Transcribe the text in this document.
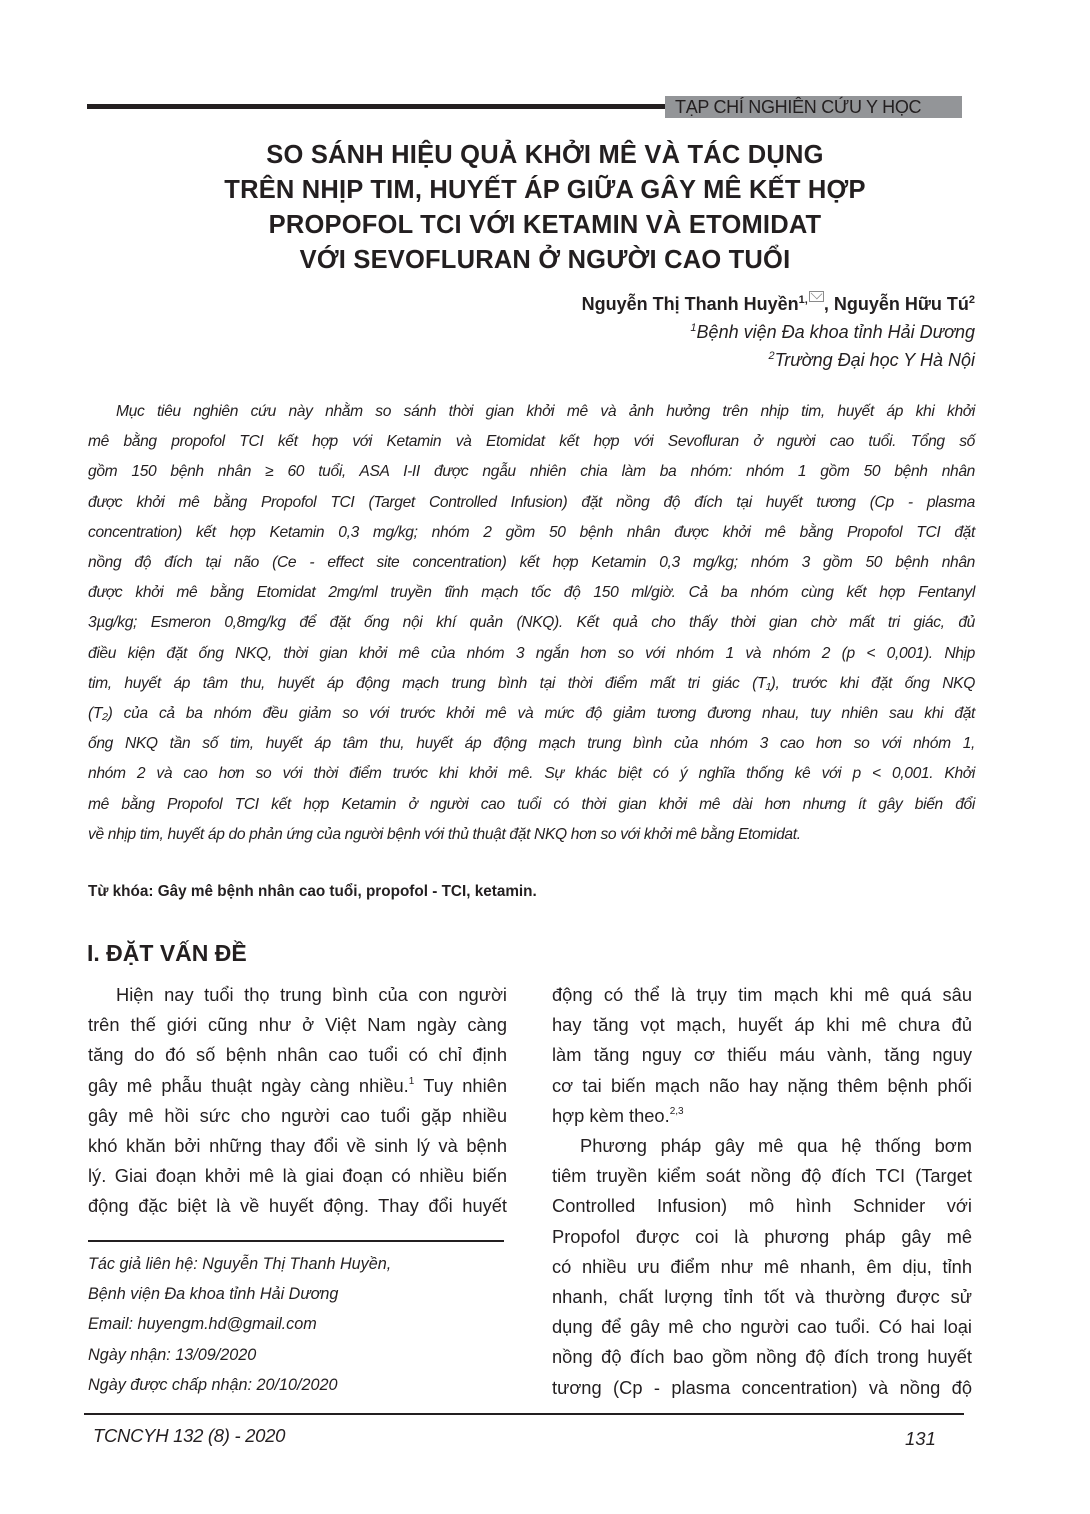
TẠP CHÍ NGHIÊN CỨU Y HỌC
SO SÁNH HIỆU QUẢ KHỞI MÊ VÀ TÁC DỤNG
TRÊN NHỊP TIM, HUYẾT ÁP GIỮA GÂY MÊ KẾT HỢP
PROPOFOL TCI VỚI KETAMIN VÀ ETOMIDAT
VỚI SEVOFLURAN Ở NGƯỜI CAO TUỔI
Nguyễn Thị Thanh Huyền$^{1,}$ , Nguyễn Hữu $Tú^2$
$^1$Bệnh viện Đa khoa tỉnh Hải Dương
$^2$Trường Đại học Y Hà Nội
Mục tiêu nghiên cứu này nhằm so sánh thời gian khởi mê và ảnh hưởng trên nhịp tim, huyết áp khi khởi
mê bằng propofol TCI kết hợp với Ketamin và Etomidat kết hợp với Sevofluran ở người cao tuổi. Tổng số
gồm 150 bệnh nhân ≥ 60 tuổi, ASA I-II được ngẫu nhiên chia làm ba nhóm: nhóm 1 gồm 50 bệnh nhân
được khởi mê bằng Propofol TCI (Target Controlled Infusion) đặt nồng độ đích tại huyết tương (Cp - plasma
concentration) kết hợp Ketamin 0,3 mg/kg; nhóm 2 gồm 50 bệnh nhân được khởi mê bằng Propofol TCI đặt
nồng độ đích tại não (Ce - effect site concentration) kết hợp Ketamin 0,3 mg/kg; nhóm 3 gồm 50 bệnh nhân
được khởi mê bằng Etomidat 2mg/ml truyền tĩnh mạch tốc độ 150 ml/giờ. Cả ba nhóm cùng kết hợp Fentanyl
3µg/kg; Esmeron 0,8mg/kg để đặt ống nội khí quản (NKQ). Kết quả cho thấy thời gian chờ mất tri giác, đủ
điều kiện đặt ống NKQ, thời gian khởi mê của nhóm 3 ngắn hơn so với nhóm 1 và nhóm 2 (p < 0,001). Nhịp
tim, huyết áp tâm thu, huyết áp động mạch trung bình tại thời điểm mất tri giác (T₁), trước khi đặt ống NKQ
(T₂) của cả ba nhóm đều giảm so với trước khởi mê và mức độ giảm tương đương nhau, tuy nhiên sau khi đặt
ống NKQ tần số tim, huyết áp tâm thu, huyết áp động mạch trung bình của nhóm 3 cao hơn so với nhóm 1,
nhóm 2 và cao hơn so với thời điểm trước khi khởi mê. Sự khác biệt có ý nghĩa thống kê với p < 0,001. Khởi
mê bằng Propofol TCI kết hợp Ketamin ở người cao tuổi có thời gian khởi mê dài hơn nhưng ít gây biến đổi
về nhịp tim, huyết áp do phản ứng của người bệnh với thủ thuật đặt NKQ hơn so với khởi mê bằng Etomidat.
Từ khóa: Gây mê bệnh nhân cao tuổi, propofol - TCI, ketamin.
I. ĐẶT VẤN ĐỀ
Hiện nay tuổi thọ trung bình của con người
trên thế giới cũng như ở Việt Nam ngày càng
tăng do đó số bệnh nhân cao tuổi có chỉ định
gây mê phẫu thuật ngày càng nhiều.$^1$ Tuy nhiên
gây mê hồi sức cho người cao tuổi gặp nhiều
khó khăn bởi những thay đổi về sinh lý và bệnh
lý. Giai đoạn khởi mê là giai đoạn có nhiều biến
động đặc biệt là về huyết động. Thay đổi huyết
Tác giả liên hệ: Nguyễn Thị Thanh Huyền,
Bệnh viện Đa khoa tỉnh Hải Dương
Email: huyengm.hd@gmail.com
Ngày nhận: 13/09/2020
Ngày được chấp nhận: 20/10/2020
động có thể là trụy tim mạch khi mê quá sâu
hay tăng vọt mạch, huyết áp khi mê chưa đủ
làm tăng nguy cơ thiếu máu vành, tăng nguy
cơ tai biến mạch não hay nặng thêm bệnh phối
hợp kèm theo.$^{2,3}$
Phương pháp gây mê qua hệ thống bơm
tiêm truyền kiểm soát nồng độ đích TCI (Target
Controlled Infusion) mô hình Schnider với
Propofol được coi là phương pháp gây mê
có nhiều ưu điểm như mê nhanh, êm dịu, tỉnh
nhanh, chất lượng tỉnh tốt và thường được sử
dụng để gây mê cho người cao tuổi. Có hai loại
nồng độ đích bao gồm nồng độ đích trong huyết
tương (Cp - plasma concentration) và nồng độ
TCNCYH 132 (8) - 2020	131
